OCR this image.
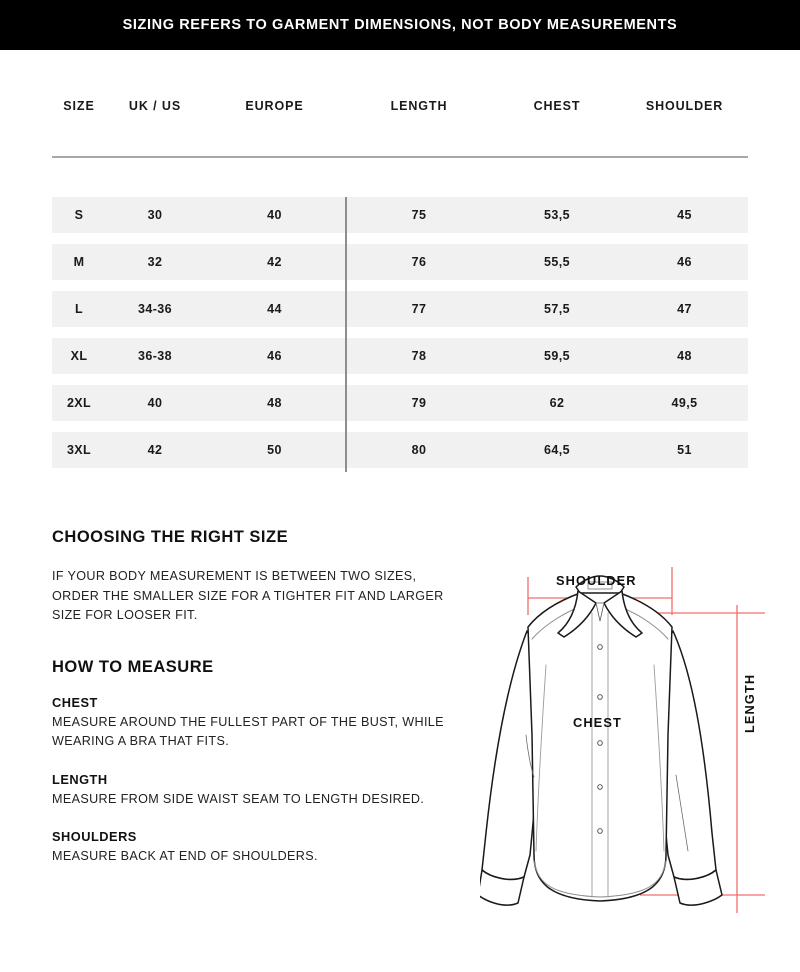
SIZING REFERS TO GARMENT DIMENSIONS, NOT BODY MEASUREMENTS
SIZE	UK / US	EUROPE	LENGTH	CHEST	SHOULDER
S	30	40	75	53,5	45
M	32	42	76	55,5	46
L	34-36	44	77	57,5	47
XL	36-38	46	78	59,5	48
2XL	40	48	79	62	49,5
3XL	42	50	80	64,5	51
CHOOSING THE RIGHT SIZE
IF YOUR BODY MEASUREMENT IS BETWEEN TWO SIZES, ORDER THE SMALLER SIZE FOR A TIGHTER FIT AND LARGER SIZE FOR LOOSER FIT.
HOW TO MEASURE
CHEST
MEASURE AROUND THE FULLEST PART OF THE BUST, WHILE WEARING A BRA THAT FITS.
LENGTH
MEASURE FROM SIDE WAIST SEAM TO LENGTH DESIRED.
SHOULDERS
MEASURE BACK AT END OF SHOULDERS.
SHOULDER
CHEST	LENGTH
